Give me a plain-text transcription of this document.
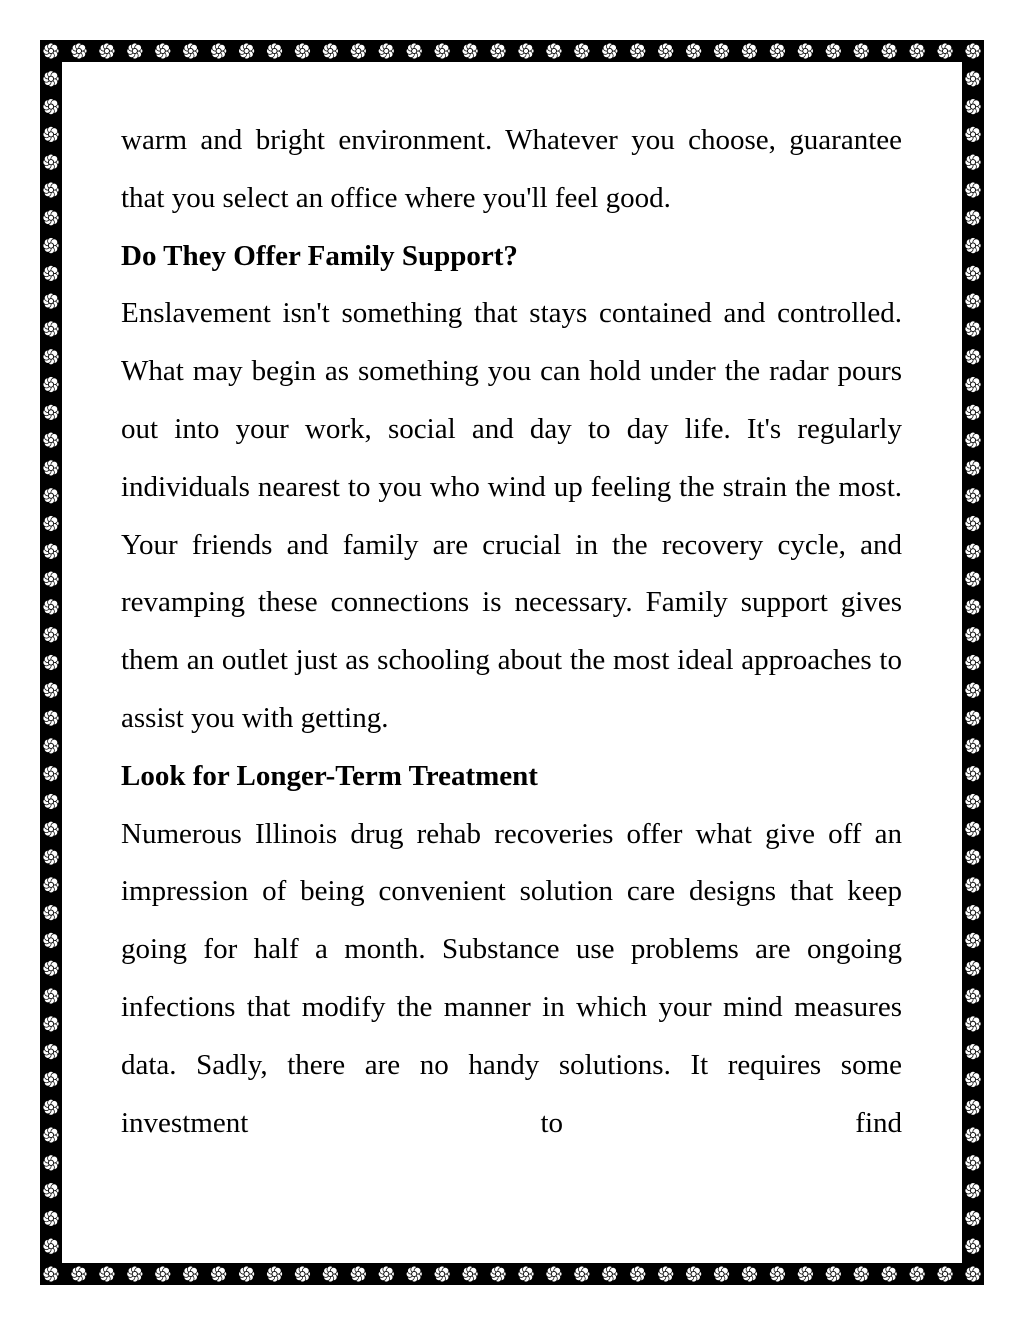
warm and bright environment. Whatever you choose, guarantee that you select an office where you'll feel good.

Do They Offer Family Support?

Enslavement isn't something that stays contained and controlled. What may begin as something you can hold under the radar pours out into your work, social and day to day life. It's regularly individuals nearest to you who wind up feeling the strain the most. Your friends and family are crucial in the recovery cycle, and revamping these connections is necessary. Family support gives them an outlet just as schooling about the most ideal approaches to assist you with getting.

Look for Longer-Term Treatment

Numerous Illinois drug rehab recoveries offer what give off an impression of being convenient solution care designs that keep going for half a month. Substance use problems are ongoing infections that modify the manner in which your mind measures data. Sadly, there are no handy solutions. It requires some investment to find
